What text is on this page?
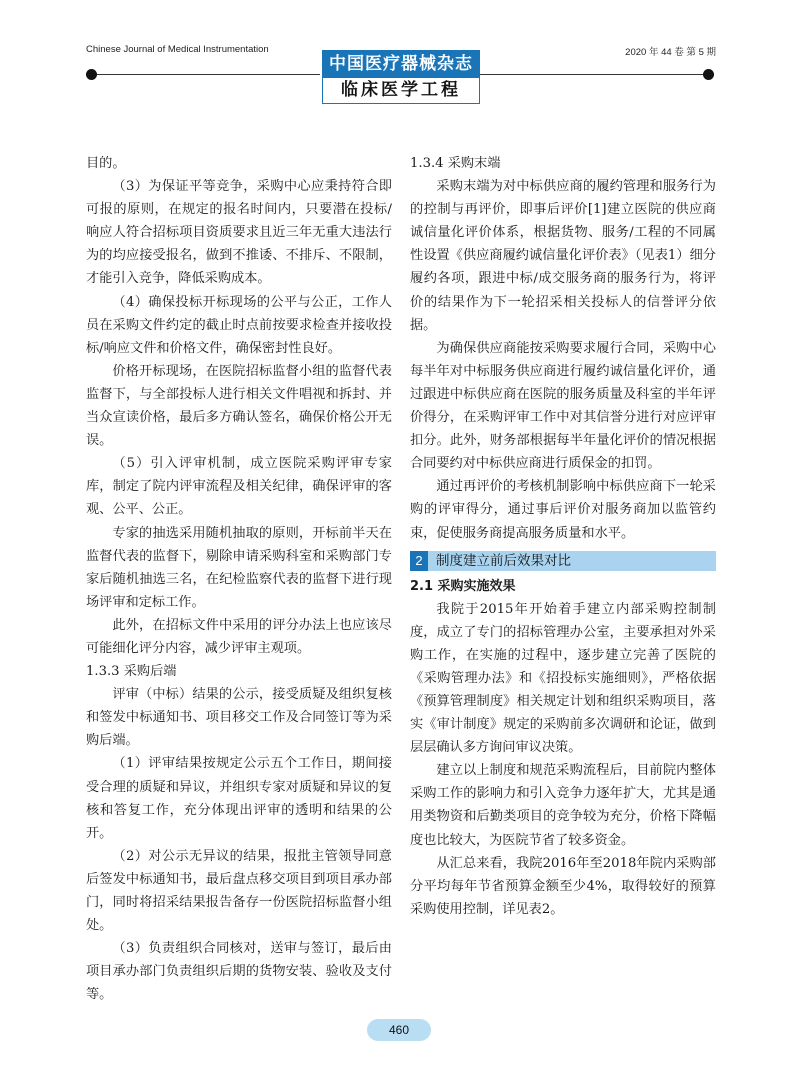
Chinese Journal of Medical Instrumentation	2020 年 44 卷 第 5 期
中国医疗器械杂志
临床医学工程

目的。

（3）为保证平等竞争，采购中心应秉持符合即可报的原则，在规定的报名时间内，只要潜在投标/响应人符合招标项目资质要求且近三年无重大违法行为的均应接受报名，做到不推诿、不排斥、不限制，才能引入竞争，降低采购成本。

（4）确保投标开标现场的公平与公正，工作人员在采购文件约定的截止时点前按要求检查并接收投标/响应文件和价格文件，确保密封性良好。

价格开标现场，在医院招标监督小组的监督代表监督下，与全部投标人进行相关文件唱视和拆封、并当众宣读价格，最后多方确认签名，确保价格公开无误。

（5）引入评审机制，成立医院采购评审专家库，制定了院内评审流程及相关纪律，确保评审的客观、公平、公正。

专家的抽选采用随机抽取的原则，开标前半天在监督代表的监督下，剔除申请采购科室和采购部门专家后随机抽选三名，在纪检监察代表的监督下进行现场评审和定标工作。

此外，在招标文件中采用的评分办法上也应该尽可能细化评分内容，减少评审主观项。

1.3.3 采购后端

评审（中标）结果的公示，接受质疑及组织复核和签发中标通知书、项目移交工作及合同签订等为采购后端。

（1）评审结果按规定公示五个工作日，期间接受合理的质疑和异议，并组织专家对质疑和异议的复核和答复工作，充分体现出评审的透明和结果的公开。

（2）对公示无异议的结果，报批主管领导同意后签发中标通知书，最后盘点移交项目到项目承办部门，同时将招采结果报告备存一份医院招标监督小组处。

（3）负责组织合同核对，送审与签订，最后由项目承办部门负责组织后期的货物安装、验收及支付等。

1.3.4 采购末端

采购末端为对中标供应商的履约管理和服务行为的控制与再评价，即事后评价[1]建立医院的供应商诚信量化评价体系，根据货物、服务/工程的不同属性设置《供应商履约诚信量化评价表》（见表1）细分履约各项，跟进中标/成交服务商的服务行为，将评价的结果作为下一轮招采相关投标人的信誉评分依据。

为确保供应商能按采购要求履行合同，采购中心每半年对中标服务供应商进行履约诚信量化评价，通过跟进中标供应商在医院的服务质量及科室的半年评价得分，在采购评审工作中对其信誉分进行对应评审扣分。此外，财务部根据每半年量化评价的情况根据合同要约对中标供应商进行质保金的扣罚。

通过再评价的考核机制影响中标供应商下一轮采购的评审得分，通过事后评价对服务商加以监管约束，促使服务商提高服务质量和水平。

2 制度建立前后效果对比

2.1 采购实施效果

我院于2015年开始着手建立内部采购控制制度，成立了专门的招标管理办公室，主要承担对外采购工作，在实施的过程中，逐步建立完善了医院的《采购管理办法》和《招投标实施细则》，严格依据《预算管理制度》相关规定计划和组织采购项目，落实《审计制度》规定的采购前多次调研和论证，做到层层确认多方询问审议决策。

建立以上制度和规范采购流程后，目前院内整体采购工作的影响力和引入竞争力逐年扩大，尤其是通用类物资和后勤类项目的竞争较为充分，价格下降幅度也比较大，为医院节省了较多资金。

从汇总来看，我院2016年至2018年院内采购部分平均每年节省预算金额至少4%，取得较好的预算采购使用控制，详见表2。

460
